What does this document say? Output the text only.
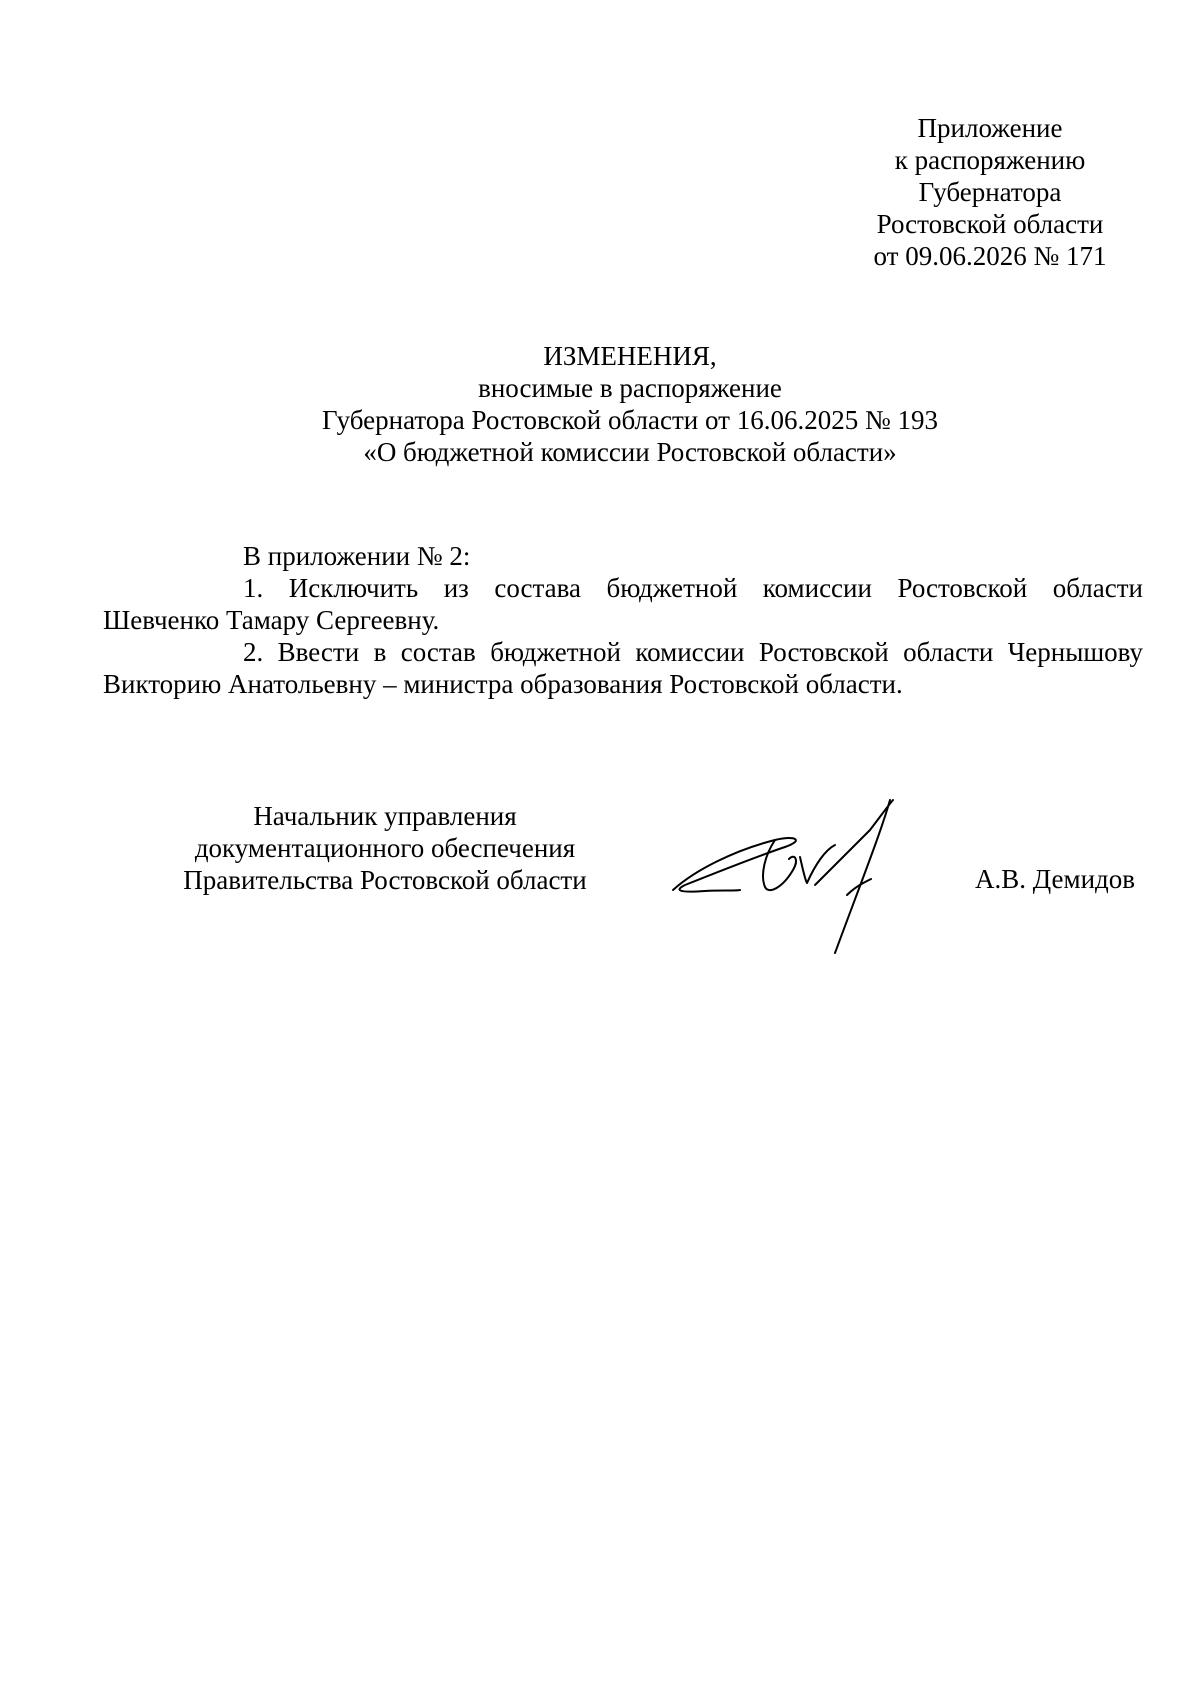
Приложение
к распоряжению
Губернатора
Ростовской области
от 09.06.2026 № 171
ИЗМЕНЕНИЯ,
вносимые в распоряжение
Губернатора Ростовской области от 16.06.2025 № 193
«О бюджетной комиссии Ростовской области»

В приложении № 2:

1. Исключить из состава бюджетной комиссии Ростовской области
Шевченко Тамару Сергеевну.

2. Ввести в состав бюджетной комиссии Ростовской области Чернышову
Викторию Анатольевну – министра образования Ростовской области.

Начальник управления
документационного обеспечения
Правительства Ростовской области	А.В. Демидов
